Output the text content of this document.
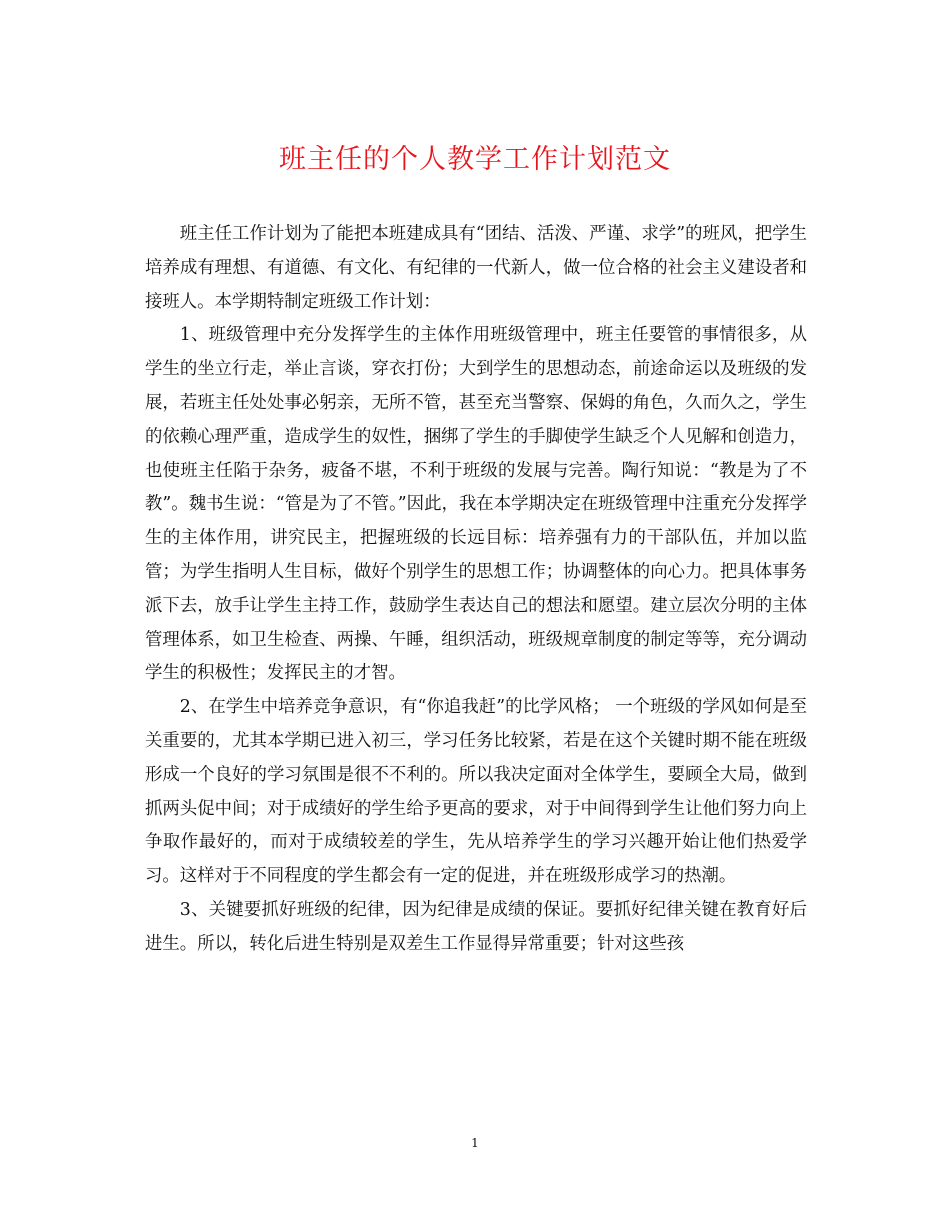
班主任的个人教学工作计划范文

班主任工作计划为了能把本班建成具有“团结、活泼、严谨、求学”的班风，把学生培养成有理想、有道德、有文化、有纪律的一代新人，做一位合格的社会主义建设者和接班人。本学期特制定班级工作计划：

1、班级管理中充分发挥学生的主体作用班级管理中，班主任要管的事情很多，从学生的坐立行走，举止言谈，穿衣打份；大到学生的思想动态，前途命运以及班级的发展，若班主任处处事必躬亲，无所不管，甚至充当警察、保姆的角色，久而久之，学生的依赖心理严重，造成学生的奴性，捆绑了学生的手脚使学生缺乏个人见解和创造力，也使班主任陷于杂务，疲备不堪，不利于班级的发展与完善。陶行知说：“教是为了不教”。魏书生说：“管是为了不管。”因此，我在本学期决定在班级管理中注重充分发挥学生的主体作用，讲究民主，把握班级的长远目标：培养强有力的干部队伍，并加以监管；为学生指明人生目标，做好个别学生的思想工作；协调整体的向心力。把具体事务派下去，放手让学生主持工作，鼓励学生表达自己的想法和愿望。建立层次分明的主体管理体系，如卫生检查、两操、午睡，组织活动，班级规章制度的制定等等，充分调动学生的积极性；发挥民主的才智。

2、在学生中培养竞争意识，有“你追我赶”的比学风格； 一个班级的学风如何是至关重要的，尤其本学期已进入初三，学习任务比较紧，若是在这个关键时期不能在班级形成一个良好的学习氛围是很不不利的。所以我决定面对全体学生，要顾全大局，做到抓两头促中间；对于成绩好的学生给予更高的要求，对于中间得到学生让他们努力向上争取作最好的，而对于成绩较差的学生，先从培养学生的学习兴趣开始让他们热爱学习。这样对于不同程度的学生都会有一定的促进，并在班级形成学习的热潮。

3、关键要抓好班级的纪律，因为纪律是成绩的保证。要抓好纪律关键在教育好后进生。所以，转化后进生特别是双差生工作显得异常重要；针对这些孩

1
